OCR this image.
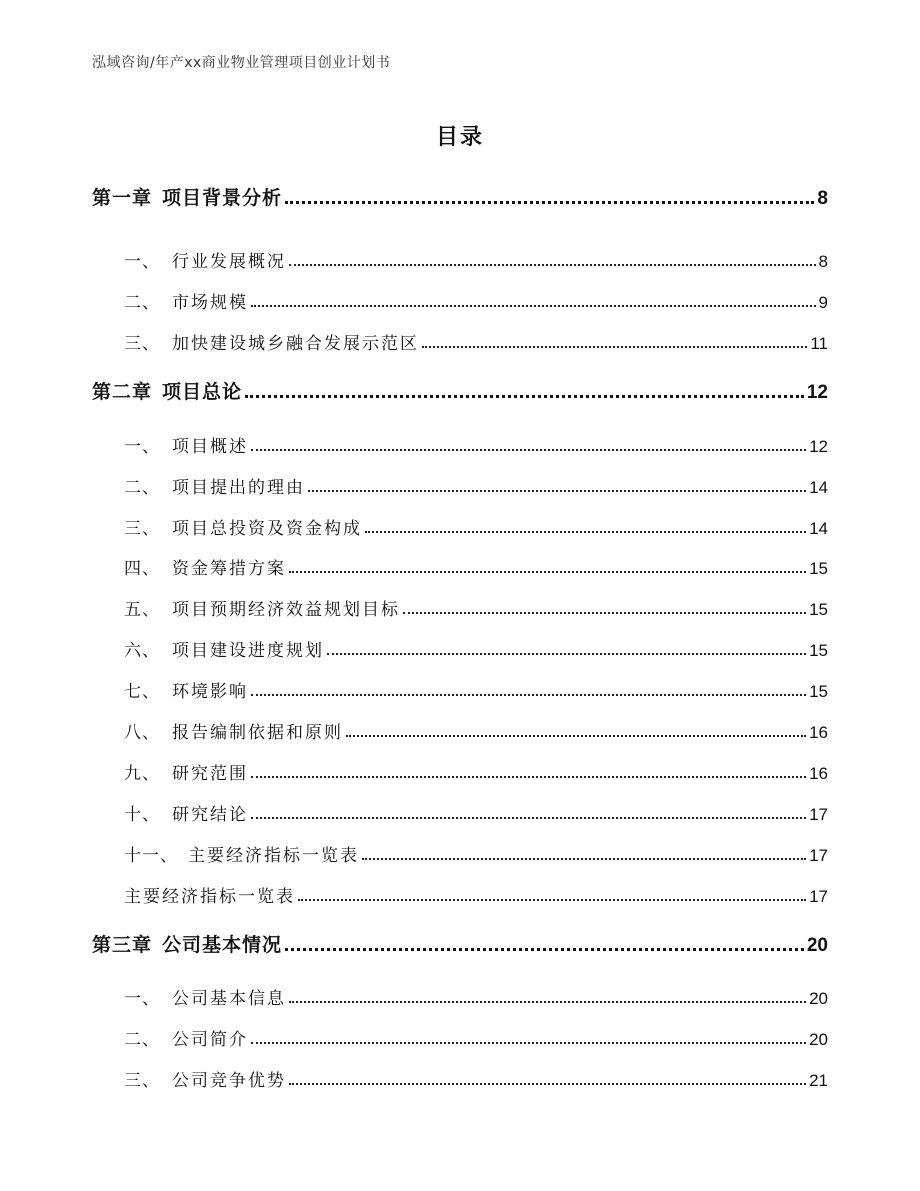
泓域咨询/年产xx商业物业管理项目创业计划书
目录
第一章 项目背景分析	8
一、 行业发展概况	8
二、 市场规模	9
三、 加快建设城乡融合发展示范区	11
第二章 项目总论	12
一、 项目概述	12
二、 项目提出的理由	14
三、 项目总投资及资金构成	14
四、 资金筹措方案	15
五、 项目预期经济效益规划目标	15
六、 项目建设进度规划	15
七、 环境影响	15
八、 报告编制依据和原则	16
九、 研究范围	16
十、 研究结论	17
十一、 主要经济指标一览表	17
主要经济指标一览表	17
第三章 公司基本情况	20
一、 公司基本信息	20
二、 公司简介	20
三、 公司竞争优势	21
